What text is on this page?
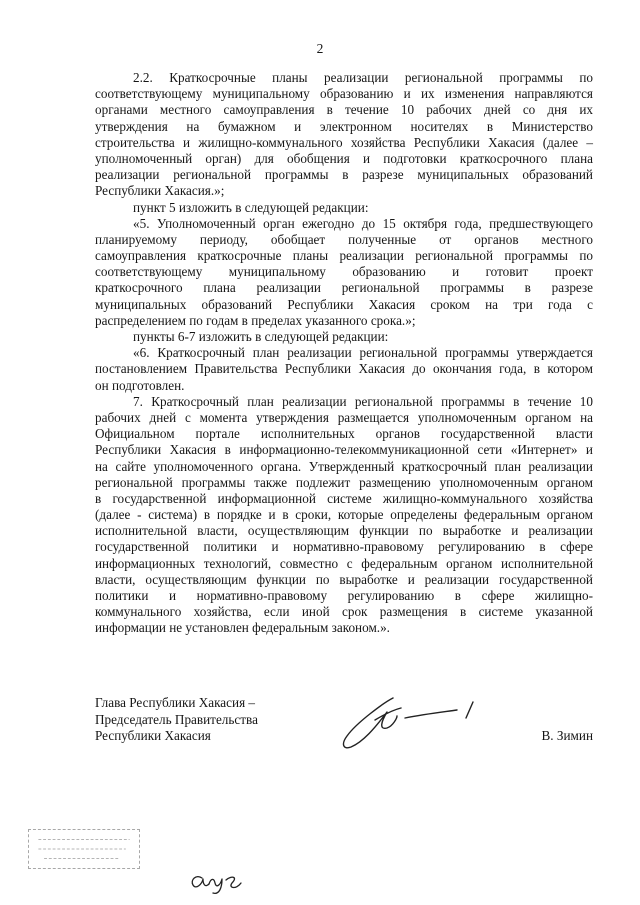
2
2.2. Краткосрочные планы реализации региональной программы по
соответствующему муниципальному образованию и их изменения направляются
органами местного самоуправления в течение 10 рабочих дней со дня их
утверждения на бумажном и электронном носителях в Министерство
строительства и жилищно-коммунального хозяйства Республики Хакасия (далее –
уполномоченный орган) для обобщения и подготовки краткосрочного плана
реализации региональной программы в разрезе муниципальных образований
Республики Хакасия.»;
пункт 5 изложить в следующей редакции:
«5. Уполномоченный орган ежегодно до 15 октября года, предшествующего
планируемому периоду, обобщает полученные от органов местного
самоуправления краткосрочные планы реализации региональной программы по
соответствующему муниципальному образованию и готовит проект
краткосрочного плана реализации региональной программы в разрезе
муниципальных образований Республики Хакасия сроком на три года с
распределением по годам в пределах указанного срока.»;
пункты 6-7 изложить в следующей редакции:
«6. Краткосрочный план реализации региональной программы утверждается
постановлением Правительства Республики Хакасия до окончания года, в котором
он подготовлен.
7. Краткосрочный план реализации региональной программы в течение 10
рабочих дней с момента утверждения размещается уполномоченным органом на
Официальном портале исполнительных органов государственной власти
Республики Хакасия в информационно-телекоммуникационной сети «Интернет» и
на сайте уполномоченного органа. Утвержденный краткосрочный план реализации
региональной программы также подлежит размещению уполномоченным органом
в государственной информационной системе жилищно-коммунального хозяйства
(далее - система) в порядке и в сроки, которые определены федеральным органом
исполнительной власти, осуществляющим функции по выработке и реализации
государственной политики и нормативно-правовому регулированию в сфере
информационных технологий, совместно с федеральным органом исполнительной
власти, осуществляющим функции по выработке и реализации государственной
политики и нормативно-правовому регулированию в сфере жилищно-
коммунального хозяйства, если иной срок размещения в системе указанной
информации не установлен федеральным законом.».
Глава Республики Хакасия –
Председатель Правительства
Республики Хакасия	В. Зимин
